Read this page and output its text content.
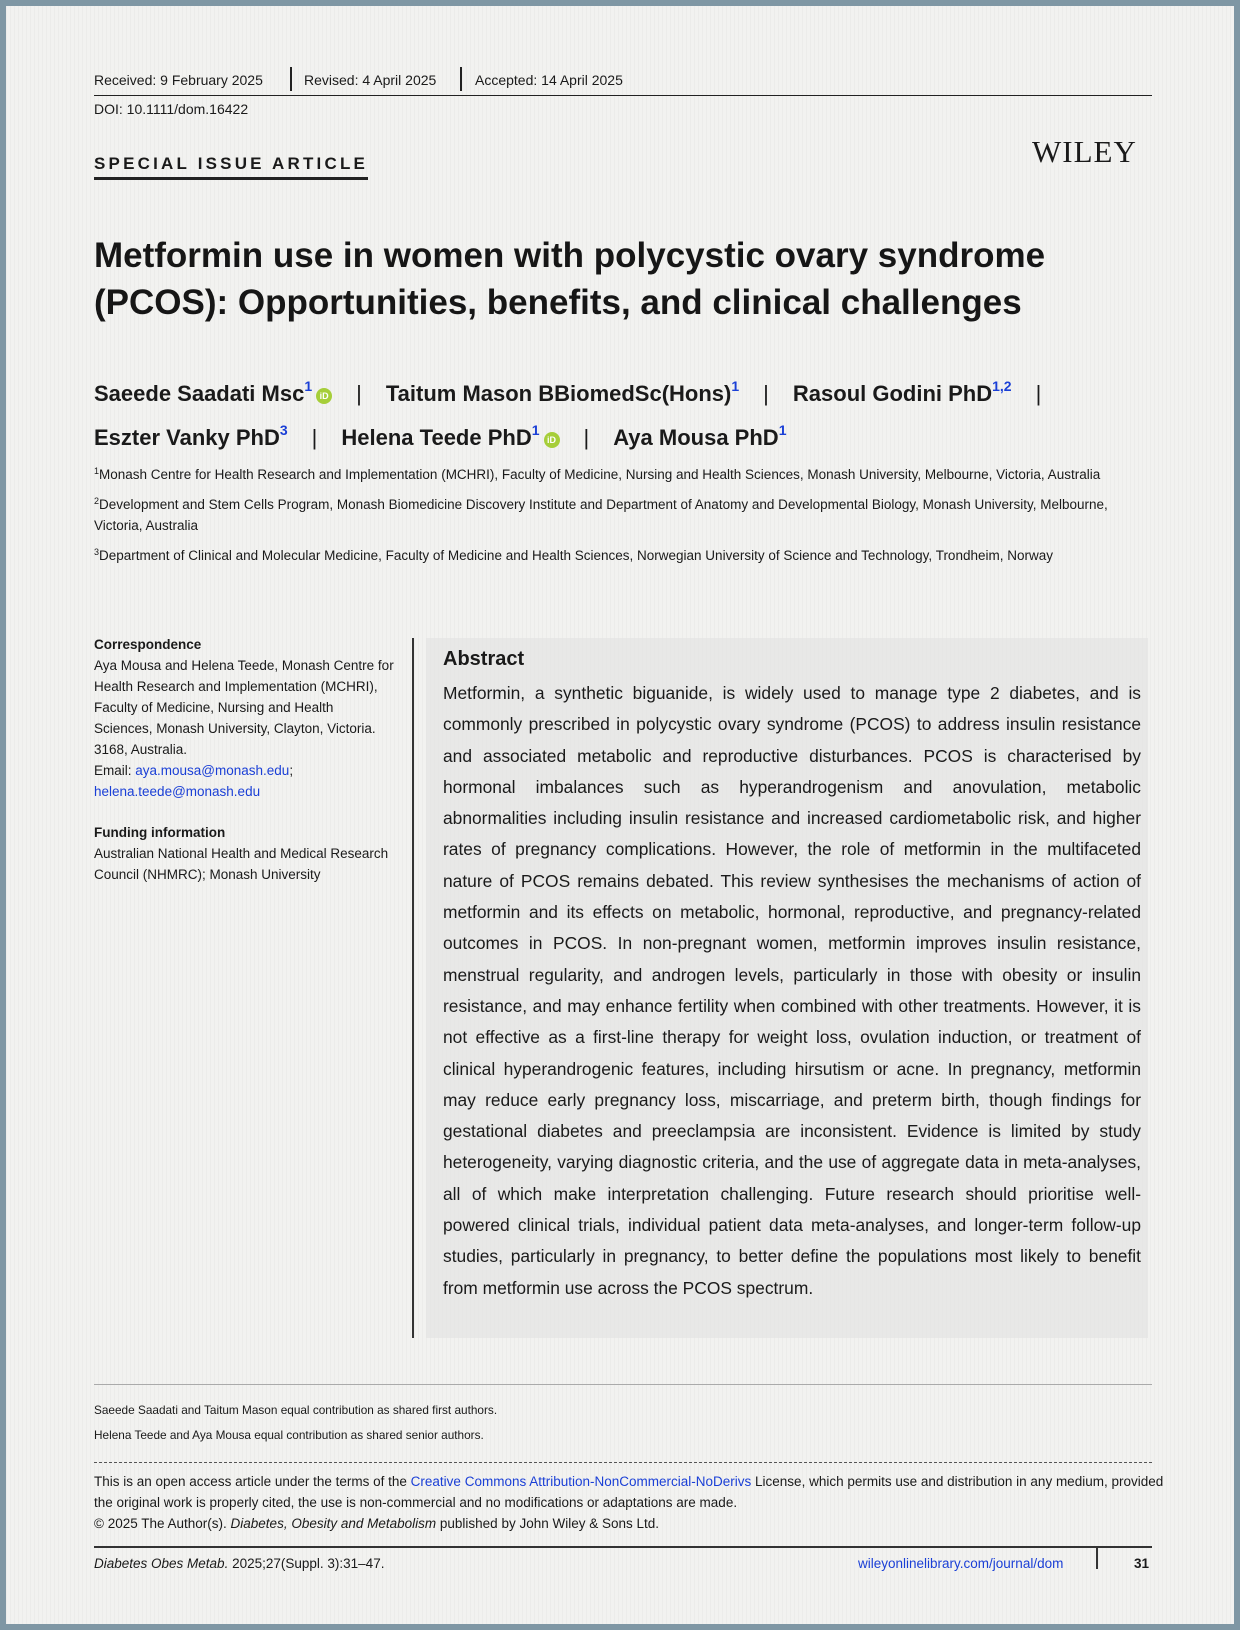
Received: 9 February 2025	Revised: 4 April 2025	Accepted: 14 April 2025
DOI: 10.1111/dom.16422
SPECIAL ISSUE ARTICLE	WILEY
Metformin use in women with polycystic ovary syndrome
(PCOS): Opportunities, benefits, and clinical challenges
Saeede Saadati Msc$^1$iD | Taitum Mason BBiomedSc(Hons)$^1$ | Rasoul Godini PhD$^{1,2}$ |
Eszter Vanky PhD$^3$ | Helena Teede PhD$^1$iD | Aya Mousa PhD$^1$

$^1$Monash Centre for Health Research and Implementation (MCHRI), Faculty of Medicine, Nursing and Health Sciences, Monash University, Melbourne, Victoria, Australia

$^2$Development and Stem Cells Program, Monash Biomedicine Discovery Institute and Department of Anatomy and Developmental Biology, Monash University, Melbourne, Victoria, Australia

$^3$Department of Clinical and Molecular Medicine, Faculty of Medicine and Health Sciences, Norwegian University of Science and Technology, Trondheim, Norway

Correspondence

Aya Mousa and Helena Teede, Monash Centre for Health Research and Implementation (MCHRI), Faculty of Medicine, Nursing and Health Sciences, Monash University, Clayton, Victoria. 3168, Australia.
Email: aya.mousa@monash.edu; helena.teede@monash.edu

Funding information

Australian National Health and Medical Research Council (NHMRC); Monash University

Abstract
Metformin, a synthetic biguanide, is widely used to manage type 2 diabetes, and is commonly prescribed in polycystic ovary syndrome (PCOS) to address insulin resistance and associated metabolic and reproductive disturbances. PCOS is characterised by hormonal imbalances such as hyperandrogenism and anovulation, metabolic abnormalities including insulin resistance and increased cardiometabolic risk, and higher rates of pregnancy complications. However, the role of metformin in the multifaceted nature of PCOS remains debated. This review synthesises the mechanisms of action of metformin and its effects on metabolic, hormonal, reproductive, and pregnancy-related outcomes in PCOS. In non-pregnant women, metformin improves insulin resistance, menstrual regularity, and androgen levels, particularly in those with obesity or insulin resistance, and may enhance fertility when combined with other treatments. However, it is not effective as a first-line therapy for weight loss, ovulation induction, or treatment of clinical hyperandrogenic features, including hirsutism or acne. In pregnancy, metformin may reduce early pregnancy loss, miscarriage, and preterm birth, though findings for gestational diabetes and preeclampsia are inconsistent. Evidence is limited by study heterogeneity, varying diagnostic criteria, and the use of aggregate data in meta-analyses, all of which make interpretation challenging. Future research should prioritise well-powered clinical trials, individual patient data meta-analyses, and longer-term follow-up studies, particularly in pregnancy, to better define the populations most likely to benefit from metformin use across the PCOS spectrum.
Saeede Saadati and Taitum Mason equal contribution as shared first authors.
Helena Teede and Aya Mousa equal contribution as shared senior authors.
This is an open access article under the terms of the Creative Commons Attribution-NonCommercial-NoDerivs License, which permits use and distribution in any medium, provided the original work is properly cited, the use is non-commercial and no modifications or adaptations are made.
© 2025 The Author(s). Diabetes, Obesity and Metabolism published by John Wiley & Sons Ltd.
Diabetes Obes Metab. 2025;27(Suppl. 3):31–47.	wileyonlinelibrary.com/journal/dom	31
